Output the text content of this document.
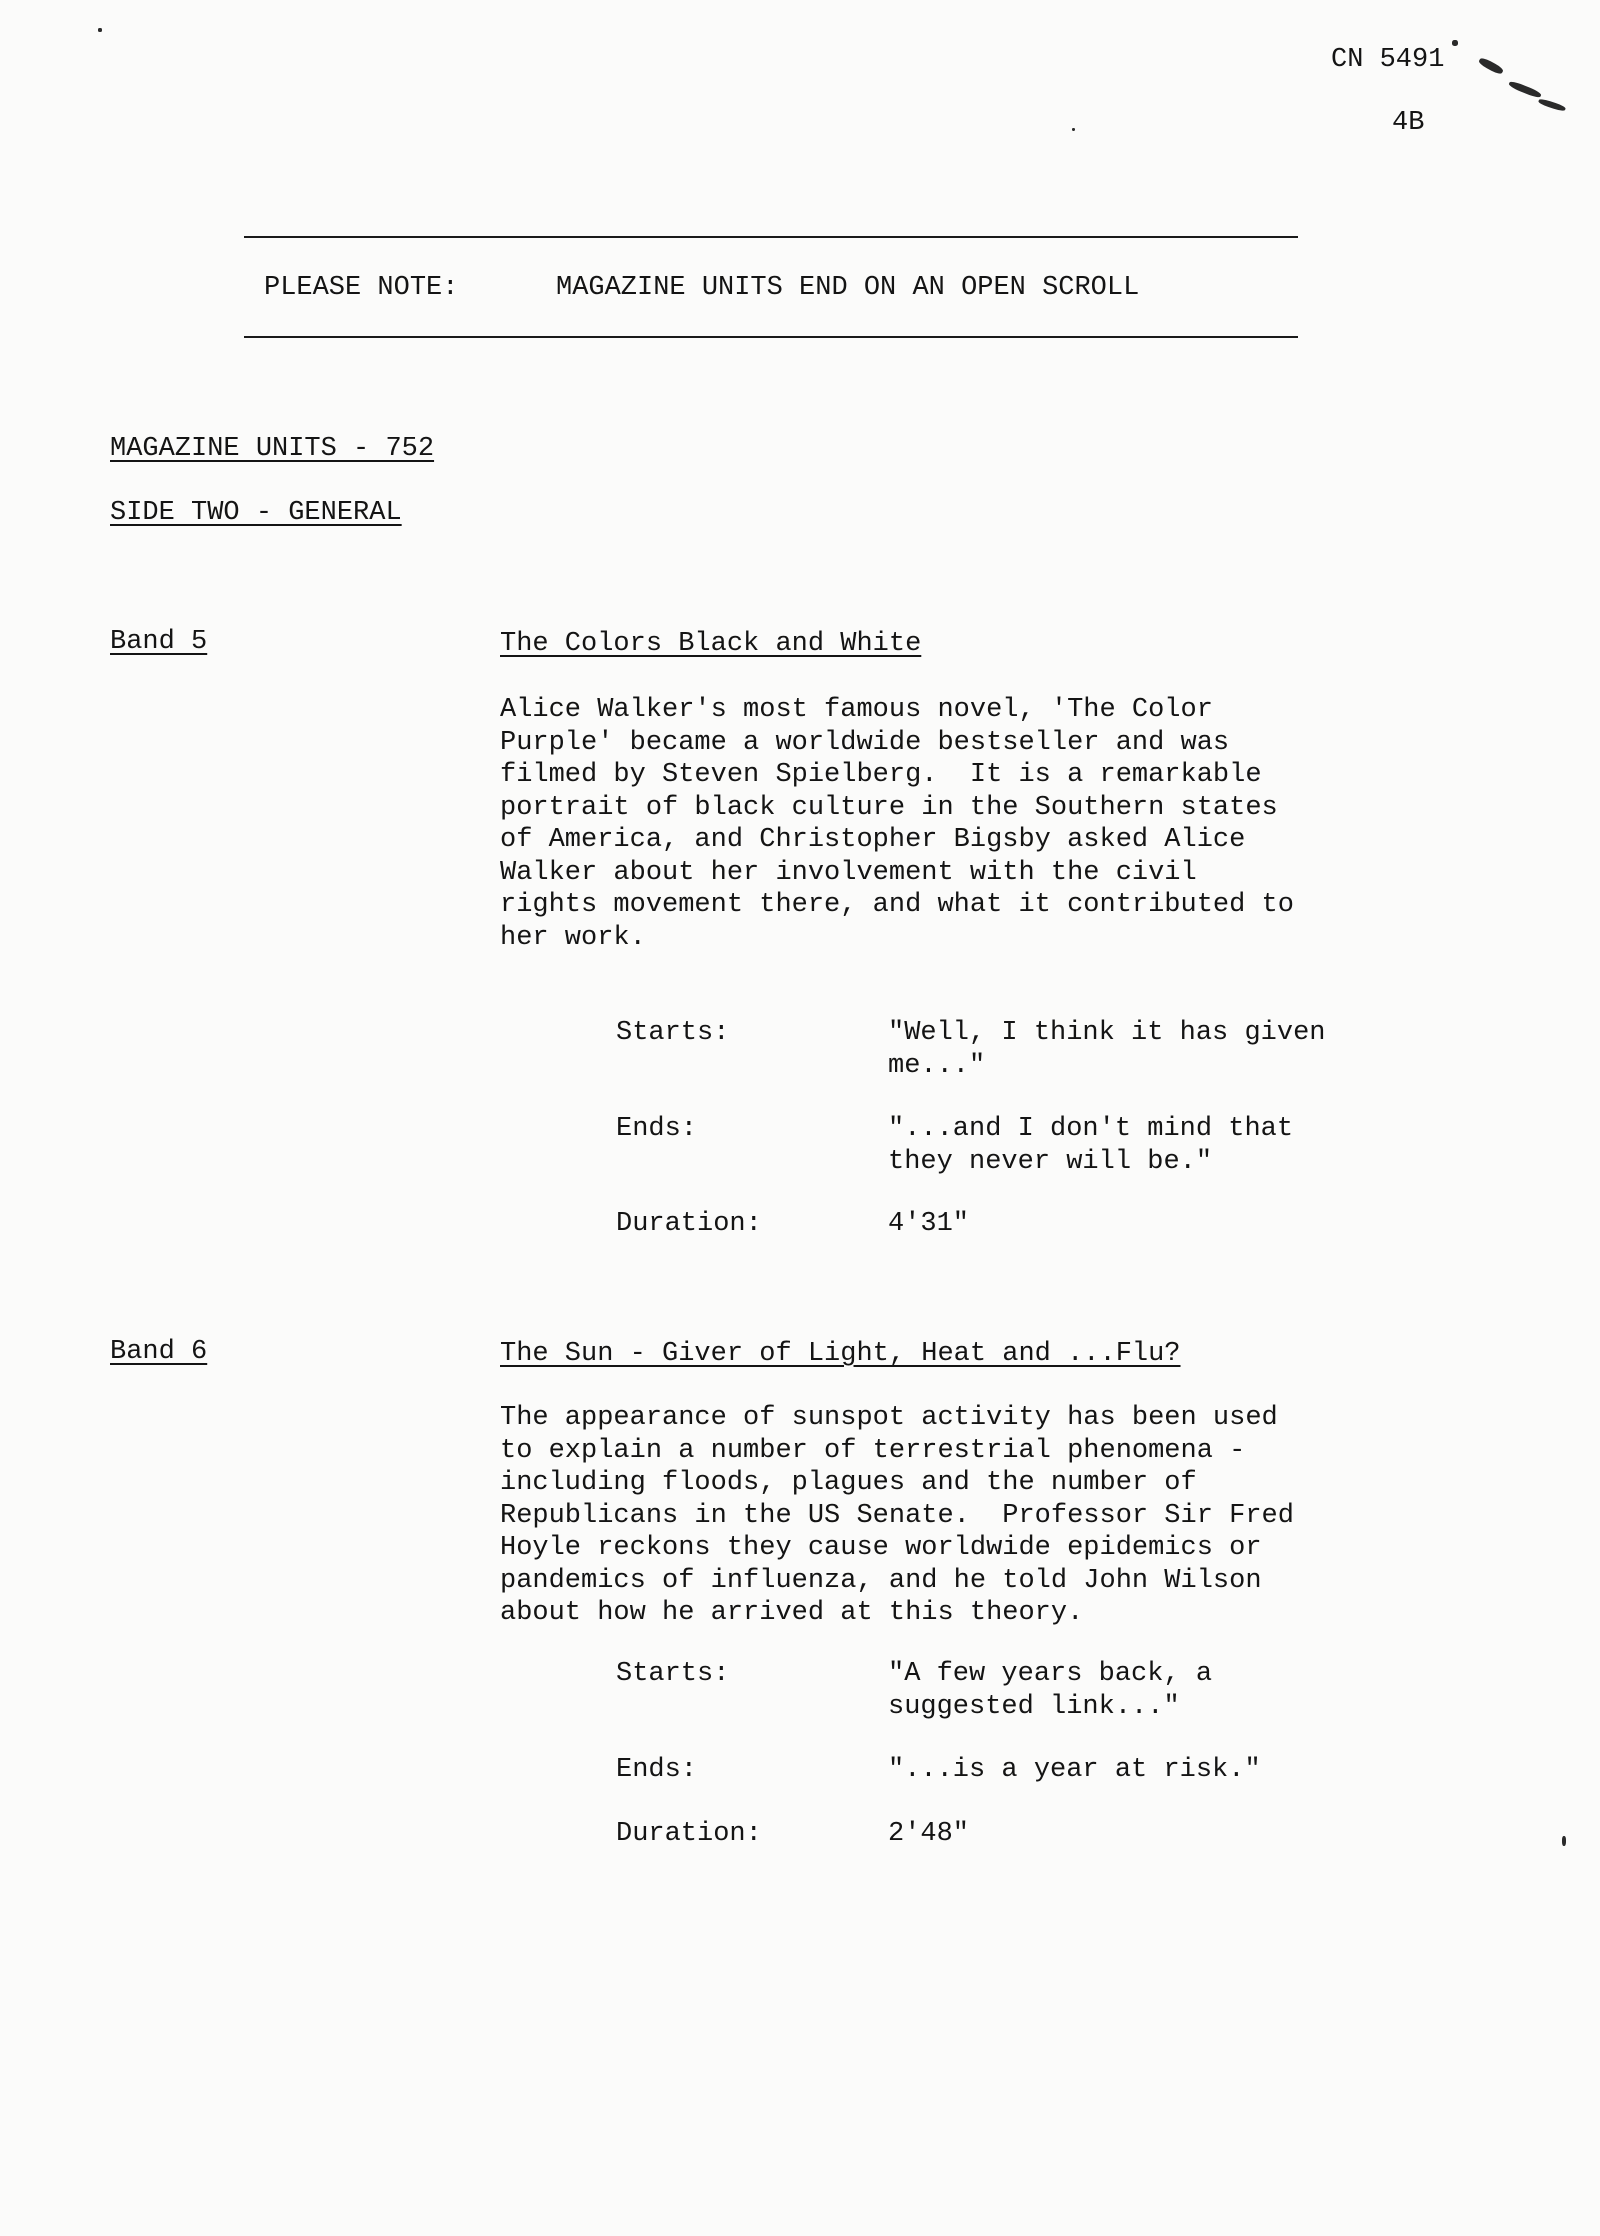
CN 5491
4B
PLEASE NOTE:	MAGAZINE UNITS END ON AN OPEN SCROLL
MAGAZINE UNITS - 752
SIDE TWO - GENERAL
Band 5	The Colors Black and White
Alice Walker's most famous novel, 'The Color
Purple' became a worldwide bestseller and was
filmed by Steven Spielberg.  It is a remarkable
portrait of black culture in the Southern states
of America, and Christopher Bigsby asked Alice
Walker about her involvement with the civil
rights movement there, and what it contributed to
her work.
Starts:	"Well, I think it has given
me..."
Ends:	"...and I don't mind that
they never will be."
Duration:	4'31"
Band 6	The Sun - Giver of Light, Heat and ...Flu?
The appearance of sunspot activity has been used
to explain a number of terrestrial phenomena -
including floods, plagues and the number of
Republicans in the US Senate.  Professor Sir Fred
Hoyle reckons they cause worldwide epidemics or
pandemics of influenza, and he told John Wilson
about how he arrived at this theory.
Starts:	"A few years back, a
suggested link..."
Ends:	"...is a year at risk."
Duration:	2'48"
